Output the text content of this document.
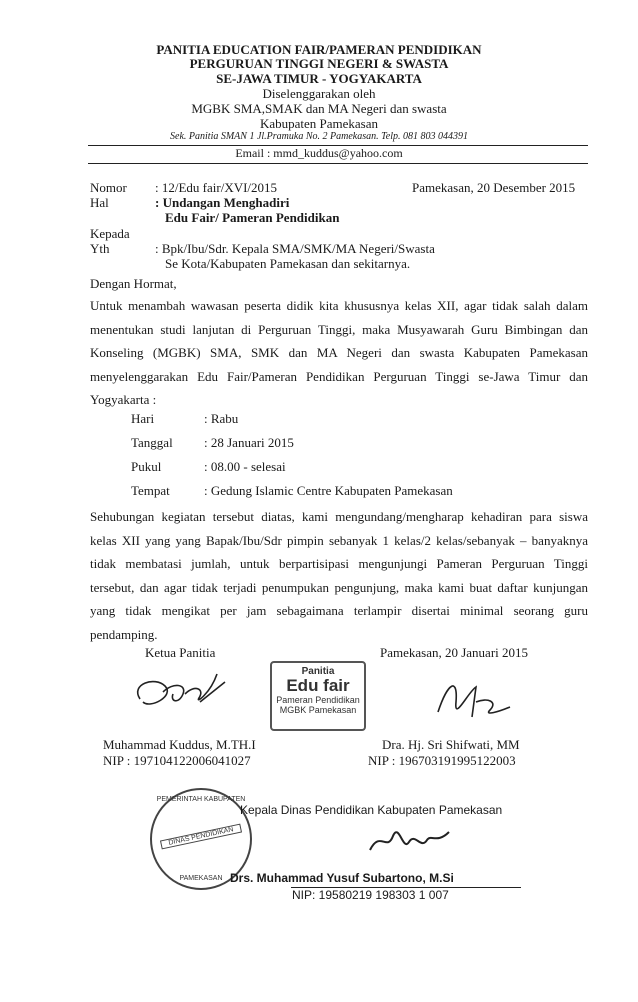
PANITIA EDUCATION FAIR/PAMERAN PENDIDIKAN
PERGURUAN TINGGI NEGERI & SWASTA
SE-JAWA TIMUR - YOGYAKARTA
Diselenggarakan oleh
MGBK SMA,SMAK dan MA Negeri dan swasta
Kabupaten Pamekasan
Sek. Panitia SMAN 1 Jl.Pramuka No. 2 Pamekasan. Telp. 081 803 044391
Email : mmd_kuddus@yahoo.com
Nomor : 12/Edu fair/XVI/2015	Pamekasan, 20 Desember 2015
Hal	: Undangan Menghadiri
Edu Fair/ Pameran Pendidikan
Kepada
Yth	: Bpk/Ibu/Sdr. Kepala SMA/SMK/MA Negeri/Swasta
Se Kota/Kabupaten Pamekasan dan sekitarnya.
Dengan Hormat,
Untuk menambah wawasan peserta didik kita khususnya kelas XII, agar tidak salah dalam
menentukan studi lanjutan di Perguruan Tinggi, maka Musyawarah Guru Bimbingan dan
Konseling (MGBK) SMA, SMK dan MA Negeri dan swasta Kabupaten Pamekasan
menyelenggarakan Edu Fair/Pameran Pendidikan Perguruan Tinggi se-Jawa Timur dan
Yogyakarta :
Hari	: Rabu
Tanggal : 28 Januari 2015
Pukul	: 08.00 - selesai
Tempat	: Gedung Islamic Centre Kabupaten Pamekasan
Sehubungan kegiatan tersebut diatas, kami mengundang/mengharap kehadiran para siswa
kelas XII yang yang Bapak/Ibu/Sdr pimpin sebanyak 1 kelas/2 kelas/sebanyak – banyaknya
tidak membatasi jumlah, untuk berpartisipasi mengunjungi Pameran Perguruan Tinggi
tersebut, dan agar tidak terjadi penumpukan pengunjung, maka kami buat daftar kunjungan
yang tidak mengikat per jam sebagaimana terlampir disertai minimal seorang guru
pendamping.
Ketua Panitia	Pamekasan, 20 Januari 2015
Panitia
Edu fair
Pameran Pendidikan
MGBK Pamekasan
Muhammad Kuddus, M.TH.I
NIP : 197104122006041027
Dra. Hj. Sri Shifwati, MM
NIP : 196703191995122003
PEMERINTAH KABUPATEN
DINAS PENDIDIKAN
PAMEKASAN
Kepala Dinas Pendidikan Kabupaten Pamekasan
Drs. Muhammad Yusuf Subartono, M.Si
NIP: 19580219 198303 1 007
